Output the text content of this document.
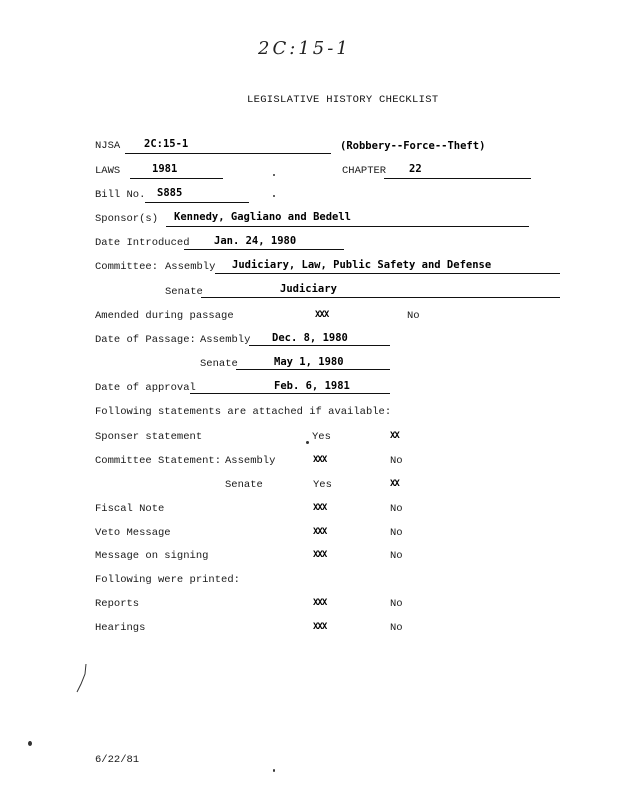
2C:15-1
LEGISLATIVE HISTORY CHECKLIST
NJSA 2C:15-1	(Robbery--Force--Theft)
LAWS	1981	CHAPTER 22
Bill No. S885
Sponsor(s) Kennedy, Gagliano and Bedell
Date Introduced Jan. 24, 1980
Committee: Assembly Judiciary, Law, Public Safety and Defense
Senate	Judiciary
Amended during passage	XXX	No
Date of Passage: Assembly Dec. 8, 1980
Senate	May 1, 1980
Date of approval	Feb. 6, 1981
Following statements are attached if available:
Sponser statement	Yes	XX
Committee Statement: Assembly	XXX	No
Senate	Yes	XX
Fiscal Note	XXX	No
Veto Message	XXX	No
Message on signing	XXX	No
Following were printed:
Reports	XXX	No
Hearings	XXX	No
6/22/81
